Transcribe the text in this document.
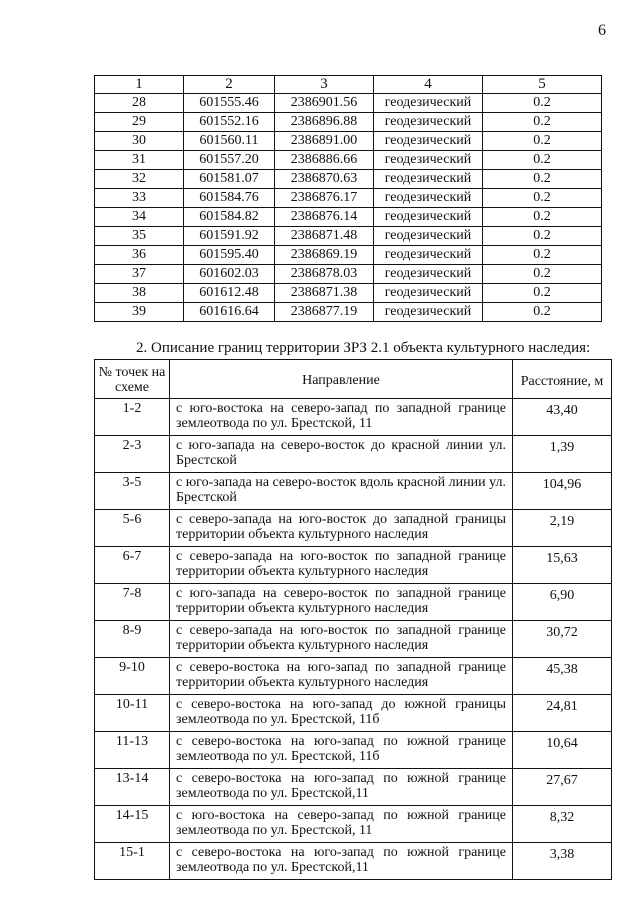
6
1	2	3	4	5
28	601555.46	2386901.56	геодезический	0.2
29	601552.16	2386896.88	геодезический	0.2
30	601560.11	2386891.00	геодезический	0.2
31	601557.20	2386886.66	геодезический	0.2
32	601581.07	2386870.63	геодезический	0.2
33	601584.76	2386876.17	геодезический	0.2
34	601584.82	2386876.14	геодезический	0.2
35	601591.92	2386871.48	геодезический	0.2
36	601595.40	2386869.19	геодезический	0.2
37	601602.03	2386878.03	геодезический	0.2
38	601612.48	2386871.38	геодезический	0.2
39	601616.64	2386877.19	геодезический	0.2
2. Описание границ территории ЗРЗ 2.1 объекта культурного наследия:
№ точек на схеме	Направление	Расстояние, м
1-2	с юго-востока на северо-запад по западной границе землеотвода по ул. Брестской, 11	43,40
2-3	с юго-запада на северо-восток до красной линии ул. Брестской	1,39
3-5	с юго-запада на северо-восток вдоль красной линии ул. Брестской	104,96
5-6	с северо-запада на юго-восток до западной границы территории объекта культурного наследия	2,19
6-7	с северо-запада на юго-восток по западной границе территории объекта культурного наследия	15,63
7-8	с юго-запада на северо-восток по западной границе территории объекта культурного наследия	6,90
8-9	с северо-запада на юго-восток по западной границе территории объекта культурного наследия	30,72
9-10	с северо-востока на юго-запад по западной границе территории объекта культурного наследия	45,38
10-11	с северо-востока на юго-запад до южной границы землеотвода по ул. Брестской, 11б	24,81
11-13	с северо-востока на юго-запад по южной границе землеотвода по ул. Брестской, 11б	10,64
13-14	с северо-востока на юго-запад по южной границе землеотвода по ул. Брестской,11	27,67
14-15	с юго-востока на северо-запад по южной границе землеотвода по ул. Брестской, 11	8,32
15-1	с северо-востока на юго-запад по южной границе землеотвода по ул. Брестской,11	3,38
